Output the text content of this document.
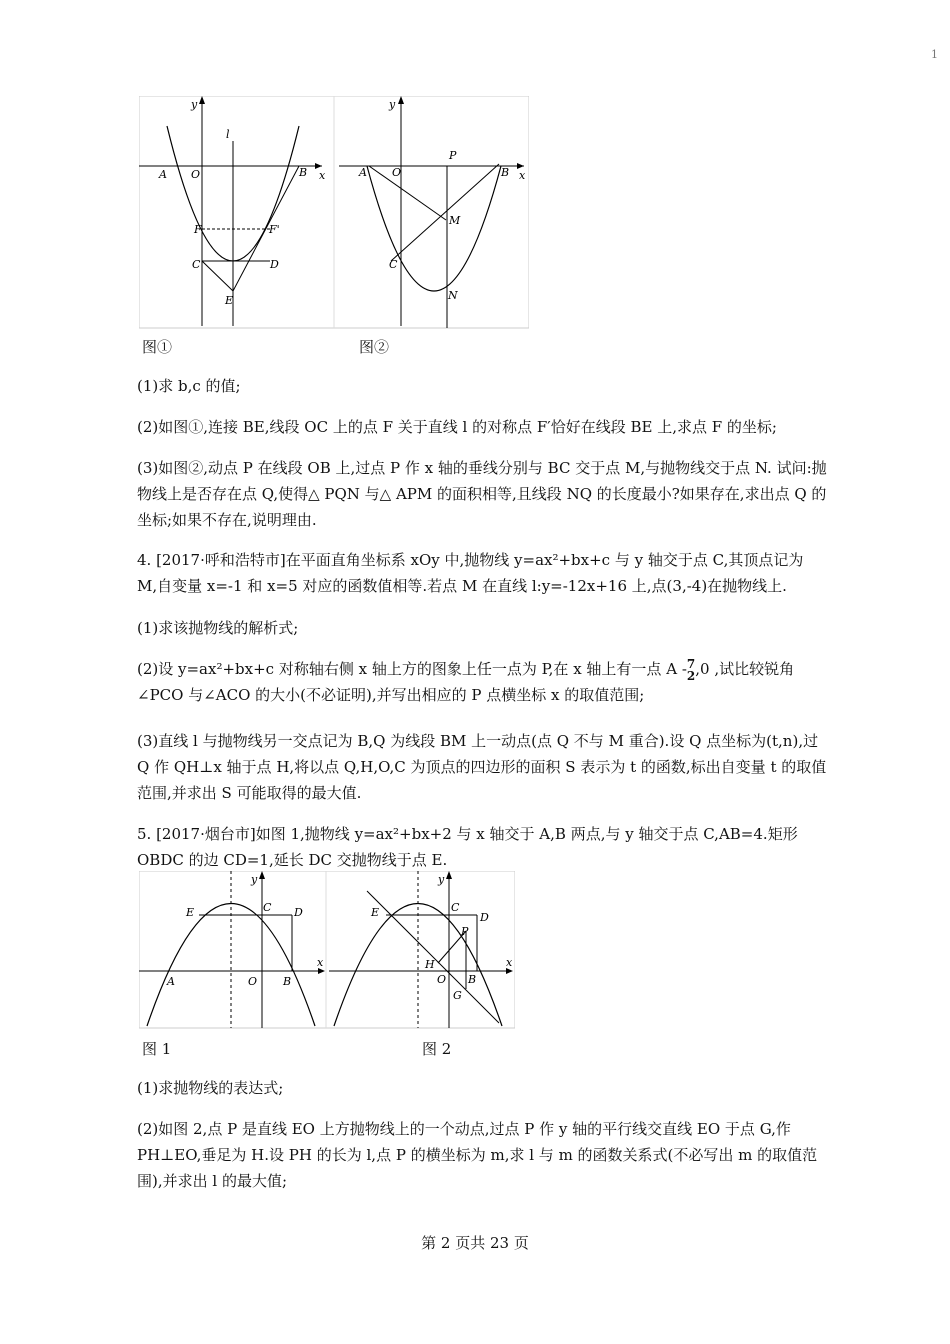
1
y
x
O
A	B
l
F	F'
C	D
E
y
x
O
A	B
P
M
C
N
图①	图②

(1)求 b,c 的值;

(2)如图①,连接 BE,线段 OC 上的点 F 关于直线 l 的对称点 F′恰好在线段 BE 上,求点 F 的坐标;

(3)如图②,动点 P 在线段 OB 上,过点 P 作 x 轴的垂线分别与 BC 交于点 M,与抛物线交于点 N. 试问:抛物线上是否存在点 Q,使得△ PQN 与△ APM 的面积相等,且线段 NQ 的长度最小?如果存在,求出点 Q 的坐标;如果不存在,说明理由.

4. [2017·呼和浩特市]在平面直角坐标系 xOy 中,抛物线 y=ax²+bx+c 与 y 轴交于点 C,其顶点记为 M,自变量 x=-1 和 x=5 对应的函数值相等.若点 M 在直线 l:y=-12x+16 上,点(3,-4)在抛物线上.

(1)求该抛物线的解析式;

(2)设 y=ax²+bx+c 对称轴右侧 x 轴上方的图象上任一点为 P,在 x 轴上有一点 A -7
2,0 ,试比较锐角∠PCO 与∠ACO 的大小(不必证明),并写出相应的 P 点横坐标 x 的取值范围;

(3)直线 l 与抛物线另一交点记为 B,Q 为线段 BM 上一动点(点 Q 不与 M 重合).设 Q 点坐标为(t,n),过 Q 作 QH⊥x 轴于点 H,将以点 Q,H,O,C 为顶点的四边形的面积 S 表示为 t 的函数,标出自变量 t 的取值范围,并求出 S 可能取得的最大值.

5. [2017·烟台市]如图 1,抛物线 y=ax²+bx+2 与 x 轴交于 A,B 两点,与 y 轴交于点 C,AB=4.矩形 OBDC 的边 CD=1,延长 DC 交抛物线于点 E.

y
x
E	C D
A	O B
y
x
E	C
D
P
H
O B
G
图 1	图 2

(1)求抛物线的表达式;

(2)如图 2,点 P 是直线 EO 上方抛物线上的一个动点,过点 P 作 y 轴的平行线交直线 EO 于点 G,作 PH⊥EO,垂足为 H.设 PH 的长为 l,点 P 的横坐标为 m,求 l 与 m 的函数关系式(不必写出 m 的取值范围),并求出 l 的最大值;

第 2 页共 23 页
